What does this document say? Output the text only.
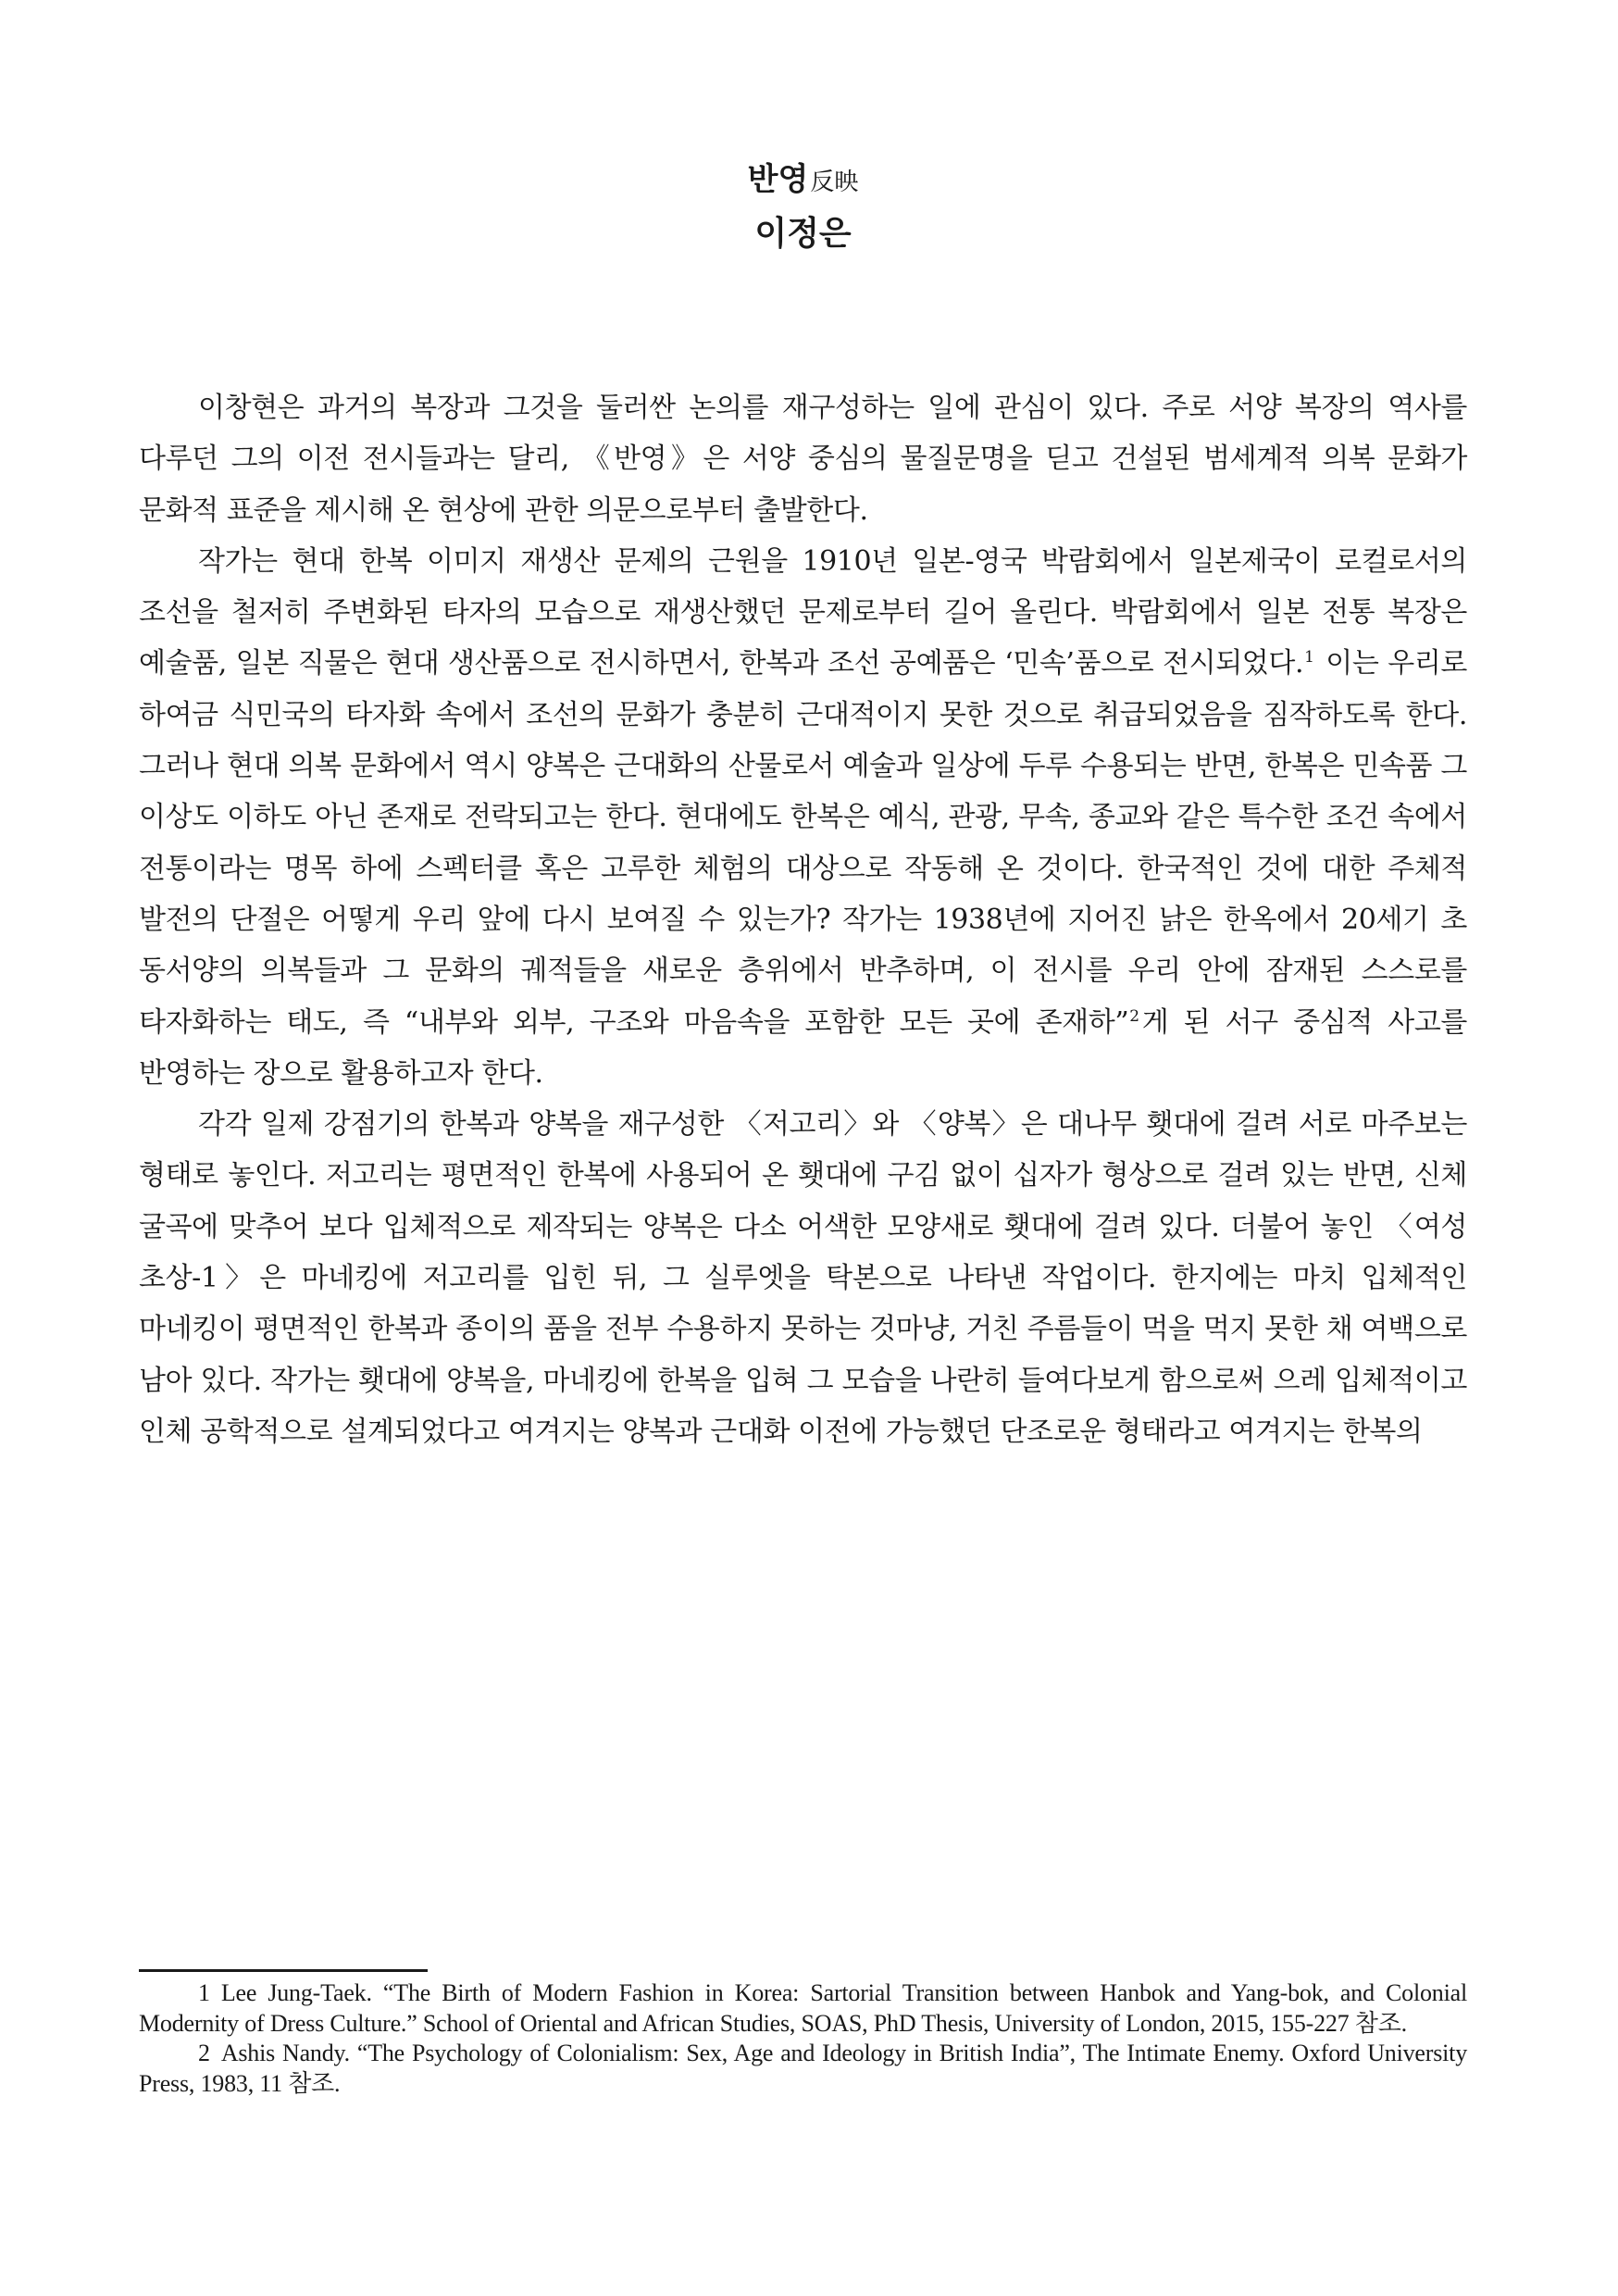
반영反映
이정은

이창현은 과거의 복장과 그것을 둘러싼 논의를 재구성하는 일에 관심이 있다. 주로 서양 복장의 역사를 다루던 그의 이전 전시들과는 달리, 《반영》은 서양 중심의 물질문명을 딛고 건설된 범세계적 의복 문화가 문화적 표준을 제시해 온 현상에 관한 의문으로부터 출발한다.

작가는 현대 한복 이미지 재생산 문제의 근원을 1910년 일본-영국 박람회에서 일본제국이 로컬로서의 조선을 철저히 주변화된 타자의 모습으로 재생산했던 문제로부터 길어 올린다. 박람회에서 일본 전통 복장은 예술품, 일본 직물은 현대 생산품으로 전시하면서, 한복과 조선 공예품은 ‘민속’품으로 전시되었다.$^1$ 이는 우리로 하여금 식민국의 타자화 속에서 조선의 문화가 충분히 근대적이지 못한 것으로 취급되었음을 짐작하도록 한다. 그러나 현대 의복 문화에서 역시 양복은 근대화의 산물로서 예술과 일상에 두루 수용되는 반면, 한복은 민속품 그 이상도 이하도 아닌 존재로 전락되고는 한다. 현대에도 한복은 예식, 관광, 무속, 종교와 같은 특수한 조건 속에서 전통이라는 명목 하에 스펙터클 혹은 고루한 체험의 대상으로 작동해 온 것이다. 한국적인 것에 대한 주체적 발전의 단절은 어떻게 우리 앞에 다시 보여질 수 있는가? 작가는 1938년에 지어진 낡은 한옥에서 20세기 초 동서양의 의복들과 그 문화의 궤적들을 새로운 층위에서 반추하며, 이 전시를 우리 안에 잠재된 스스로를 타자화하는 태도, 즉 “내부와 외부, 구조와 마음속을 포함한 모든 곳에 존재하”$^2$ 게 된 서구 중심적 사고를 반영하는 장으로 활용하고자 한다.

각각 일제 강점기의 한복과 양복을 재구성한 〈저고리〉와 〈양복〉은 대나무 횃대에 걸려 서로 마주보는 형태로 놓인다. 저고리는 평면적인 한복에 사용되어 온 횃대에 구김 없이 십자가 형상으로 걸려 있는 반면, 신체 굴곡에 맞추어 보다 입체적으로 제작되는 양복은 다소 어색한 모양새로 횃대에 걸려 있다. 더불어 놓인 〈여성 초상-1〉은 마네킹에 저고리를 입힌 뒤, 그 실루엣을 탁본으로 나타낸 작업이다. 한지에는 마치 입체적인 마네킹이 평면적인 한복과 종이의 품을 전부 수용하지 못하는 것마냥, 거친 주름들이 먹을 먹지 못한 채 여백으로 남아 있다. 작가는 횃대에 양복을, 마네킹에 한복을 입혀 그 모습을 나란히 들여다보게 함으로써 으레 입체적이고 인체 공학적으로 설계되었다고 여겨지는 양복과 근대화 이전에 가능했던 단조로운 형태라고 여겨지는 한복의

1 Lee Jung-Taek. “The Birth of Modern Fashion in Korea: Sartorial Transition between Hanbok and Yang-bok, and Colonial Modernity of Dress Culture.” School of Oriental and African Studies, SOAS, PhD Thesis, University of London, 2015, 155-227 참조.

2 Ashis Nandy. “The Psychology of Colonialism: Sex, Age and Ideology in British India”, The Intimate Enemy. Oxford University Press, 1983, 11 참조.
